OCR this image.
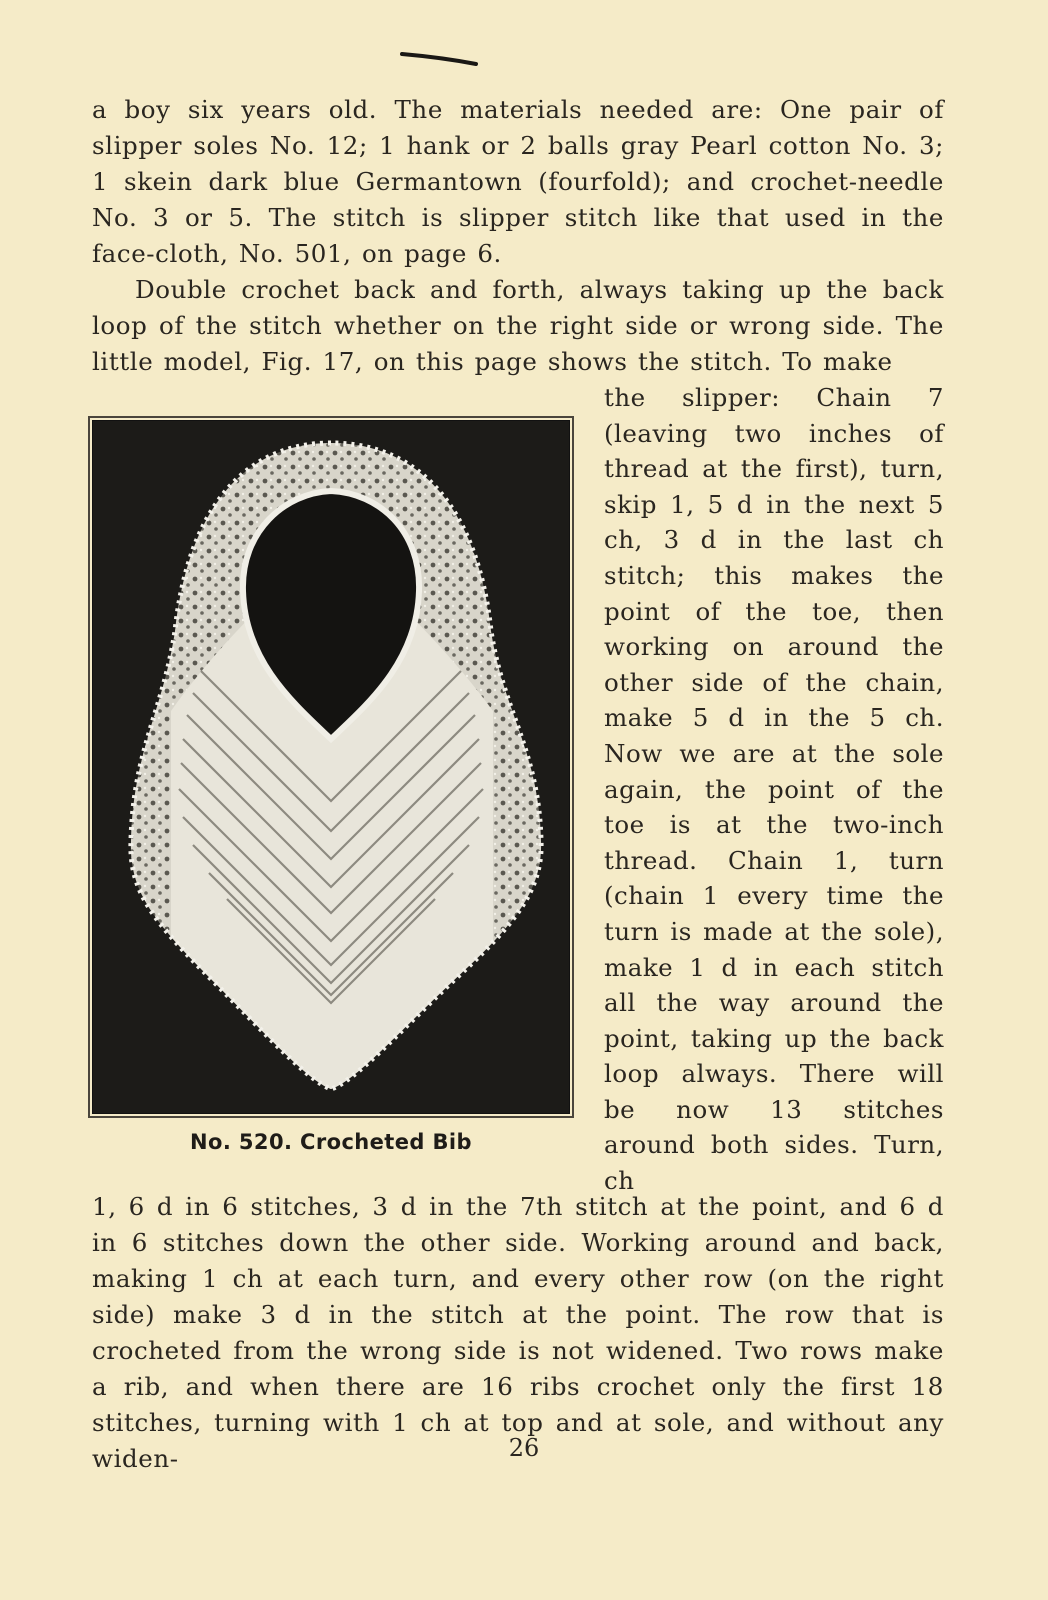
a boy six years old. The materials needed are: One pair of slipper soles No. 12; 1 hank or 2 balls gray Pearl cotton No. 3; 1 skein dark blue Germantown (fourfold); and crochet-needle No. 3 or 5. The stitch is slipper stitch like that used in the face-cloth, No. 501, on page 6.

Double crochet back and forth, always taking up the back loop of the stitch whether on the right side or wrong side. The little model, Fig. 17, on this page shows the stitch. To make

No. 520. Crocheted Bib

the slipper: Chain 7 (leaving two inches of thread at the first), turn, skip 1, 5 d in the next 5 ch, 3 d in the last ch stitch; this makes the point of the toe, then working on around the other side of the chain, make 5 d in the 5 ch. Now we are at the sole again, the point of the toe is at the two-inch thread. Chain 1, turn (chain 1 every time the turn is made at the sole), make 1 d in each stitch all the way around the point, taking up the back loop always. There will be now 13 stitches around both sides. Turn, ch

1, 6 d in 6 stitches, 3 d in the 7th stitch at the point, and 6 d in 6 stitches down the other side. Working around and back, making 1 ch at each turn, and every other row (on the right side) make 3 d in the stitch at the point. The row that is crocheted from the wrong side is not widened. Two rows make a rib, and when there are 16 ribs crochet only the first 18 stitches, turning with 1 ch at top and at sole, and without any widen-	26
